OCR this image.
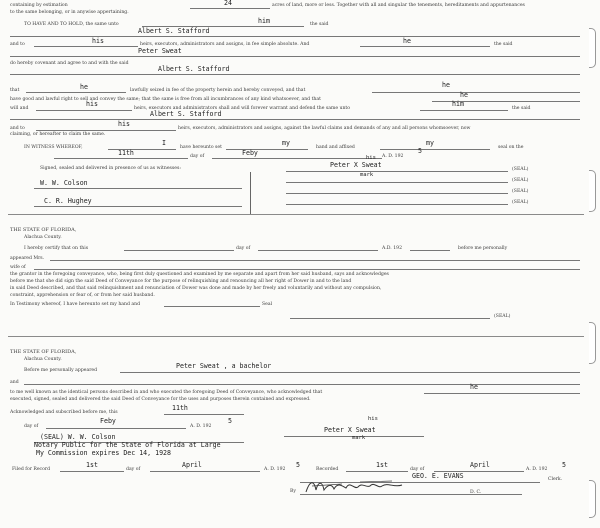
containing by estimation	24	acres of land, more or less. Together with all and singular the tenements, hereditaments and appurtenances
to the same belonging, or in anywise appertaining.
TO HAVE AND TO HOLD, the same unto	him	the said
Albert S. Stafford
and to	his	heirs, executors, administrators and assigns, in fee simple absolute. And	he	the said
Peter Sweat
do hereby covenant and agree to and with the said
Albert S. Stafford
that	he	lawfully seized in fee of the property herein and hereby conveyed, and that
he
have good and lawful right to sell and convey the same; that the same is free from all incumbrances of any kind whatsoever, and that
he
will and
his
heirs, executors and administrators shall and will forever warrant and defend the same unto
him
the said
Albert S. Stafford
and to
his
heirs, executors, administrators and assigns, against the lawful claims and demands of any and all persons whomsoever, now
claiming, or hereafter to claim the same.
IN WITNESS WHEREOF,
I
have hereunto set
my
hand and affixed
my
seal on the
11th	day of	Feby	A. D. 192
5
his
Signed, sealed and delivered in presence of us as witnesses:	Peter X Sweat
(SEAL)
mark
W. W. Colson	(SEAL)
(SEAL)
C. R. Hughey	(SEAL)
THE STATE OF FLORIDA,
Alachua County.
I hereby certify that on this	day of	A.D. 192	before me personally
appeared Mrs.
wife of
the grantor in the foregoing conveyance, who, being first duly questioned and examined by me separate and apart from her said husband, says and acknowledges
before me that she did sign the said Deed of Conveyance for the purpose of relinquishing and renouncing all her right of Dower in and to the land
in said Deed described, and that said relinquishment and renunciation of Dower was done and made by her freely and voluntarily and without any compulsion,
constraint, apprehension or fear of, or from her said husband.
In Testimony whereof, I have hereunto set my hand and	Seal
(SEAL)
THE STATE OF FLORIDA,
Alachua County.
Before me personally appeared
Peter Sweat , a bachelor
and
to me well known as the identical persons described in and who executed the foregoing Deed of Conveyance, who acknowledged that
he
executed, signed, sealed and delivered the said Deed of Conveyance for the uses and purposes therein contained and expressed.
Acknowledged and subscribed before me, this
11th
day of
Feby
A. D. 192
5	his
(SEAL) W. W. Colson
Notary Public for the State of Florida at Large
My Commission expires Dec 14, 1928
Peter X Sweat
mark
Filed for Record
1st
day of
April
A. D. 192
5
Recorded
1st
day of
April
A. D. 192
5
GEO. E. EVANS	Clerk.
By	D. C.
